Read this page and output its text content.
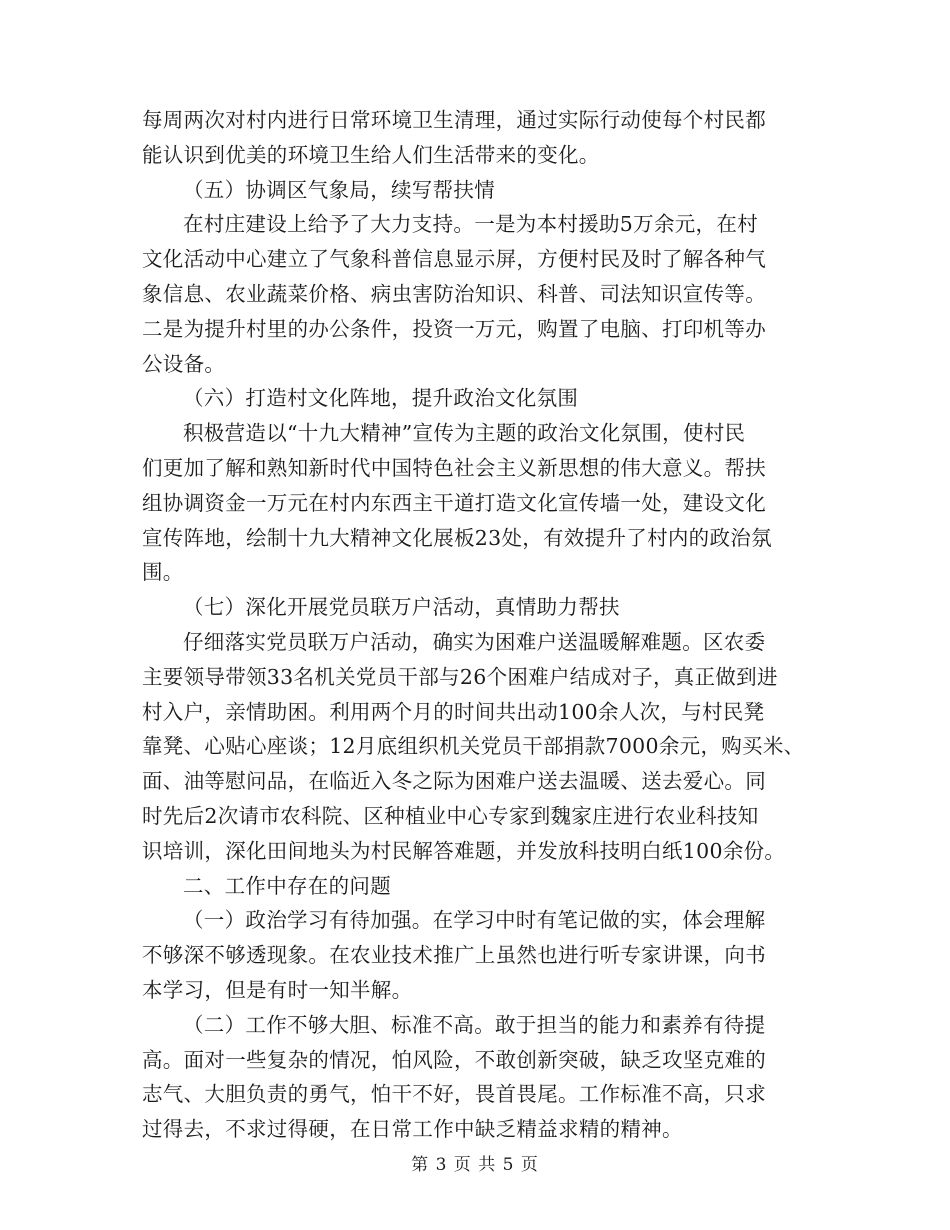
每周两次对村内进行日常环境卫生清理，通过实际行动使每个村民都
能认识到优美的环境卫生给人们生活带来的变化。
（五）协调区气象局，续写帮扶情
在村庄建设上给予了大力支持。一是为本村援助5万余元，在村
文化活动中心建立了气象科普信息显示屏，方便村民及时了解各种气
象信息、农业蔬菜价格、病虫害防治知识、科普、司法知识宣传等。
二是为提升村里的办公条件，投资一万元，购置了电脑、打印机等办
公设备。
（六）打造村文化阵地，提升政治文化氛围
积极营造以“十九大精神”宣传为主题的政治文化氛围，使村民
们更加了解和熟知新时代中国特色社会主义新思想的伟大意义。帮扶
组协调资金一万元在村内东西主干道打造文化宣传墙一处，建设文化
宣传阵地，绘制十九大精神文化展板23处，有效提升了村内的政治氛
围。
（七）深化开展党员联万户活动，真情助力帮扶
仔细落实党员联万户活动，确实为困难户送温暖解难题。区农委
主要领导带领33名机关党员干部与26个困难户结成对子，真正做到进
村入户，亲情助困。利用两个月的时间共出动100余人次，与村民凳
靠凳、心贴心座谈；12月底组织机关党员干部捐款7000余元，购买米、
面、油等慰问品，在临近入冬之际为困难户送去温暖、送去爱心。同
时先后2次请市农科院、区种植业中心专家到魏家庄进行农业科技知
识培训，深化田间地头为村民解答难题，并发放科技明白纸100余份。
二、工作中存在的问题
（一）政治学习有待加强。在学习中时有笔记做的实，体会理解
不够深不够透现象。在农业技术推广上虽然也进行听专家讲课，向书
本学习，但是有时一知半解。
（二）工作不够大胆、标准不高。敢于担当的能力和素养有待提
高。面对一些复杂的情况，怕风险，不敢创新突破，缺乏攻坚克难的
志气、大胆负责的勇气，怕干不好，畏首畏尾。工作标准不高，只求
过得去，不求过得硬，在日常工作中缺乏精益求精的精神。
第 3 页 共 5 页
